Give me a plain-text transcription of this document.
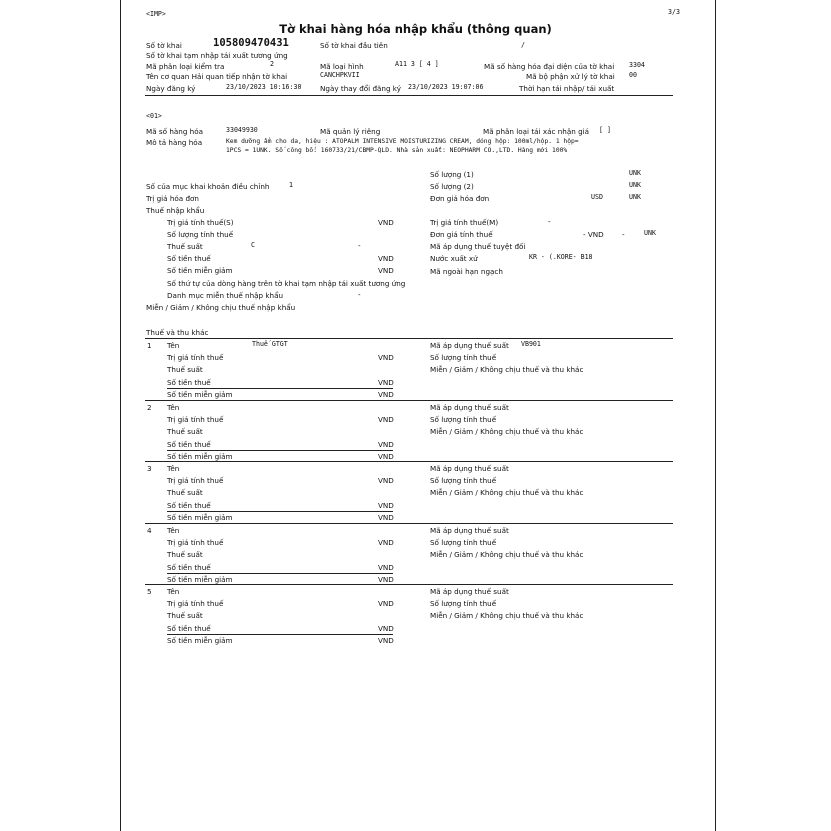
<IMP>	3/3
Tờ khai hàng hóa nhập khẩu (thông quan)
Số tờ khai	105809470431	Số tờ khai đầu tiên	/
Số tờ khai tạm nhập tái xuất tương ứng
Mã phân loại kiểm tra	2	Mã loại hình	A11 3 [ 4 ]	Mã số hàng hóa đại diện của tờ khai 3304
Tên cơ quan Hải quan tiếp nhận tờ khai	CANCHPKVII	Mã bộ phận xử lý tờ khai 00
Ngày đăng ký	23/10/2023 10:16:30	Ngày thay đổi đăng ký 23/10/2023 19:07:06	Thời hạn tái nhập/ tái xuất
<01>
Mã số hàng hóa	33049930	Mã quản lý riêng	Mã phân loại tái xác nhận giá [ ]
Mô tả hàng hóa	Kem dưỡng ẩm cho da, hiệu : ATOPALM INTENSIVE MOISTURIZING CREAM, dóng hộp: 100ml/hộp. 1 hộp=
1PCS = 1UNK. Số công bố: 160733/21/CBMP-QLD. Nhà sản xuất: NEOPHARM CO.,LTD. Hàng mới 100%
Số lượng (1)	UNK
Số của mục khai khoản điều chỉnh	1	Số lượng (2)	UNK
Trị giá hóa đơn	Đơn giá hóa đơn	USD	UNK
Thuế nhập khẩu
Trị giá tính thuế(S)	VND	Trị giá tính thuế(M)	-
Số lượng tính thuế	Đơn giá tính thuế	- VND	-	UNK
Thuế suất	C	-	Mã áp dụng thuế tuyệt đối
Số tiền thuế	VND	Nước xuất xứ	KR - (.KORE- B18
Số tiền miễn giảm	VND	Mã ngoài hạn ngạch
Số thứ tự của dòng hàng trên tờ khai tạm nhập tái xuất tương ứng
Danh mục miễn thuế nhập khẩu	-
Miễn / Giảm / Không chịu thuế nhập khẩu
Thuế và thu khác
1 Tên	Thuế GTGT	Mã áp dụng thuế suất VB901
Trị giá tính thuế	VND	Số lượng tính thuế
Thuế suất	Miễn / Giảm / Không chịu thuế và thu khác
Số tiền thuế	VND
Số tiền miễn giảm	VND
2 Tên	Mã áp dụng thuế suất
Trị giá tính thuế	VND	Số lượng tính thuế
Thuế suất	Miễn / Giảm / Không chịu thuế và thu khác
Số tiền thuế	VND
Số tiền miễn giảm	VND
3 Tên	Mã áp dụng thuế suất
Trị giá tính thuế	VND	Số lượng tính thuế
Thuế suất	Miễn / Giảm / Không chịu thuế và thu khác
Số tiền thuế	VND
Số tiền miễn giảm	VND
4 Tên	Mã áp dụng thuế suất
Trị giá tính thuế	VND	Số lượng tính thuế
Thuế suất	Miễn / Giảm / Không chịu thuế và thu khác
Số tiền thuế	VND
Số tiền miễn giảm	VND
5 Tên	Mã áp dụng thuế suất
Trị giá tính thuế	VND	Số lượng tính thuế
Thuế suất	Miễn / Giảm / Không chịu thuế và thu khác
Số tiền thuế	VND
Số tiền miễn giảm	VND
